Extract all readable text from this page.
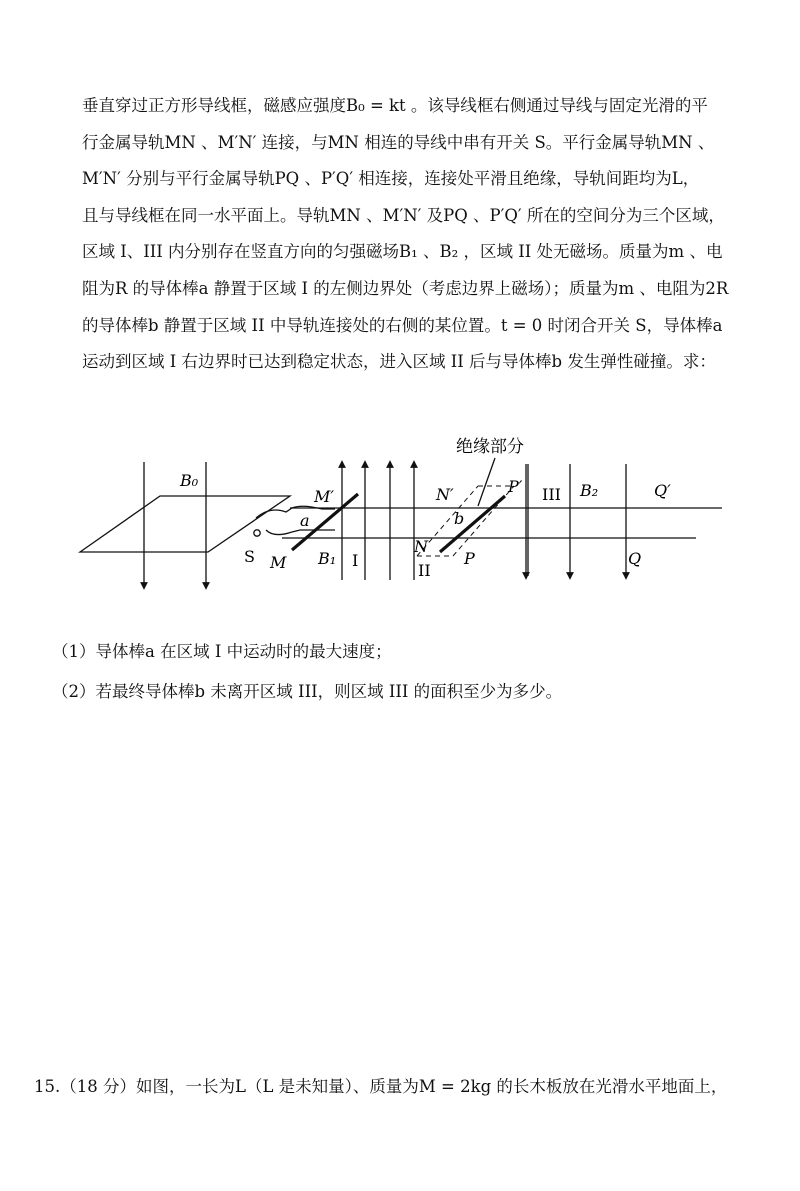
垂直穿过正方形导线框，磁感应强度B₀ = kt 。该导线框右侧通过导线与固定光滑的平
行金属导轨MN 、M′N′ 连接，与MN 相连的导线中串有开关 S。平行金属导轨MN 、
M′N′ 分别与平行金属导轨PQ 、P′Q′ 相连接，连接处平滑且绝缘，导轨间距均为L，
且与导线框在同一水平面上。导轨MN 、M′N′ 及PQ 、P′Q′ 所在的空间分为三个区域，
区域 I、III 内分别存在竖直方向的匀强磁场B₁ 、B₂ ，区域 II 处无磁场。质量为m 、电
阻为R 的导体棒a 静置于区域 I 的左侧边界处（考虑边界上磁场）；质量为m 、电阻为2R
的导体棒b 静置于区域 II 中导轨连接处的右侧的某位置。t = 0 时闭合开关 S，导体棒a
运动到区域 I 右边界时已达到稳定状态，进入区域 II 后与导体棒b 发生弹性碰撞。求：
B₀
S M
M′
a
B₁ I
绝缘部分
N′
b
N
II
P
P′ III B₂	Q′
Q
（1）导体棒a 在区域 I 中运动时的最大速度；
（2）若最终导体棒b 未离开区域 III，则区域 III 的面积至少为多少。
15.（18 分）如图，一长为L（L 是未知量）、质量为M = 2kg 的长木板放在光滑水平地面上，
